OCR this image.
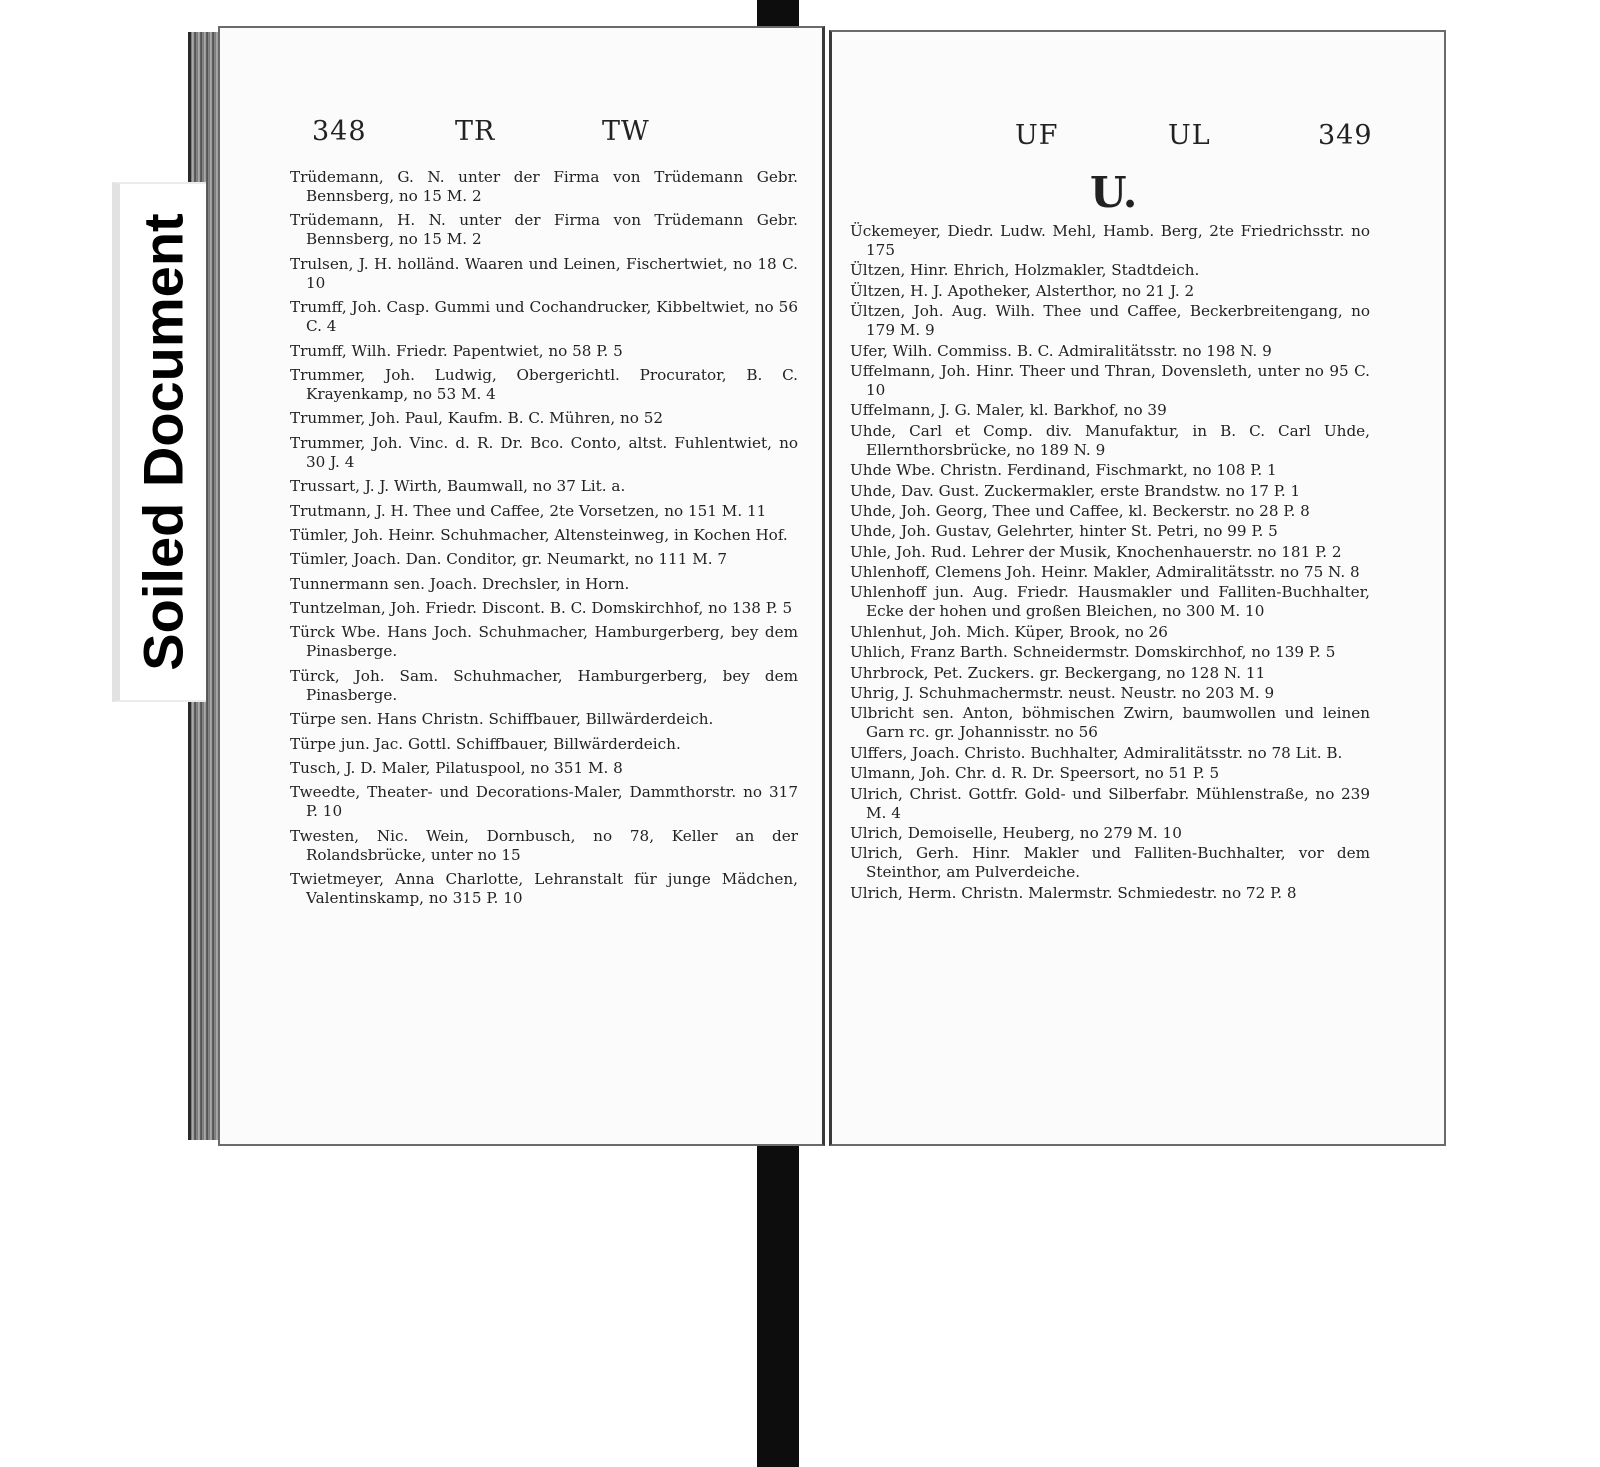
348	TR	TW
Trüdemann, G. N. unter der Firma von Trüdemann Gebr. Bennsberg, no 15 M. 2
Trüdemann, H. N. unter der Firma von Trüdemann Gebr. Bennsberg, no 15 M. 2
Trulsen, J. H. holländ. Waaren und Leinen, Fischertwiet, no 18 C. 10
Trumff, Joh. Casp. Gummi und Cochandrucker, Kibbeltwiet, no 56 C. 4
Trumff, Wilh. Friedr. Papentwiet, no 58 P. 5
Trummer, Joh. Ludwig, Obergerichtl. Procurator, B. C. Krayenkamp, no 53 M. 4
Trummer, Joh. Paul, Kaufm. B. C. Mühren, no 52
Trummer, Joh. Vinc. d. R. Dr. Bco. Conto, altst. Fuhlentwiet, no 30 J. 4
Trussart, J. J. Wirth, Baumwall, no 37 Lit. a.
Trutmann, J. H. Thee und Caffee, 2te Vorsetzen, no 151 M. 11
Tümler, Joh. Heinr. Schuhmacher, Altensteinweg, in Kochen Hof.
Tümler, Joach. Dan. Conditor, gr. Neumarkt, no 111 M. 7
Tunnermann sen. Joach. Drechsler, in Horn.
Tuntzelman, Joh. Friedr. Discont. B. C. Domskirchhof, no 138 P. 5
Türck Wbe. Hans Joch. Schuhmacher, Hamburgerberg, bey dem Pinasberge.
Türck, Joh. Sam. Schuhmacher, Hamburgerberg, bey dem Pinasberge.
Türpe sen. Hans Christn. Schiffbauer, Billwärderdeich.
Türpe jun. Jac. Gottl. Schiffbauer, Billwärderdeich.
Tusch, J. D. Maler, Pilatuspool, no 351 M. 8
Tweedte, Theater- und Decorations-Maler, Dammthorstr. no 317 P. 10
Twesten, Nic. Wein, Dornbusch, no 78, Keller an der Rolandsbrücke, unter no 15
Twietmeyer, Anna Charlotte, Lehranstalt für junge Mädchen, Valentinskamp, no 315 P. 10
UF	UL	349
U.
Ückemeyer, Diedr. Ludw. Mehl, Hamb. Berg, 2te Friedrichsstr. no 175
Ültzen, Hinr. Ehrich, Holzmakler, Stadtdeich.
Ültzen, H. J. Apotheker, Alsterthor, no 21 J. 2
Ültzen, Joh. Aug. Wilh. Thee und Caffee, Beckerbreitengang, no 179 M. 9
Ufer, Wilh. Commiss. B. C. Admiralitätsstr. no 198 N. 9
Uffelmann, Joh. Hinr. Theer und Thran, Dovensleth, unter no 95 C. 10
Uffelmann, J. G. Maler, kl. Barkhof, no 39
Uhde, Carl et Comp. div. Manufaktur, in B. C. Carl Uhde, Ellernthorsbrücke, no 189 N. 9
Uhde Wbe. Christn. Ferdinand, Fischmarkt, no 108 P. 1
Uhde, Dav. Gust. Zuckermakler, erste Brandstw. no 17 P. 1
Uhde, Joh. Georg, Thee und Caffee, kl. Beckerstr. no 28 P. 8
Uhde, Joh. Gustav, Gelehrter, hinter St. Petri, no 99 P. 5
Uhle, Joh. Rud. Lehrer der Musik, Knochenhauerstr. no 181 P. 2
Uhlenhoff, Clemens Joh. Heinr. Makler, Admiralitätsstr. no 75 N. 8
Uhlenhoff jun. Aug. Friedr. Hausmakler und Falliten-Buchhalter, Ecke der hohen und großen Bleichen, no 300 M. 10
Uhlenhut, Joh. Mich. Küper, Brook, no 26
Uhlich, Franz Barth. Schneidermstr. Domskirchhof, no 139 P. 5
Uhrbrock, Pet. Zuckers. gr. Beckergang, no 128 N. 11
Uhrig, J. Schuhmachermstr. neust. Neustr. no 203 M. 9
Ulbricht sen. Anton, böhmischen Zwirn, baumwollen und leinen Garn rc. gr. Johannisstr. no 56
Ulffers, Joach. Christo. Buchhalter, Admiralitätsstr. no 78 Lit. B.
Ulmann, Joh. Chr. d. R. Dr. Speersort, no 51 P. 5
Ulrich, Christ. Gottfr. Gold- und Silberfabr. Mühlenstraße, no 239 M. 4
Ulrich, Demoiselle, Heuberg, no 279 M. 10
Ulrich, Gerh. Hinr. Makler und Falliten-Buchhalter, vor dem Steinthor, am Pulverdeiche.
Ulrich, Herm. Christn. Malermstr. Schmiedestr. no 72 P. 8
Soiled Document
